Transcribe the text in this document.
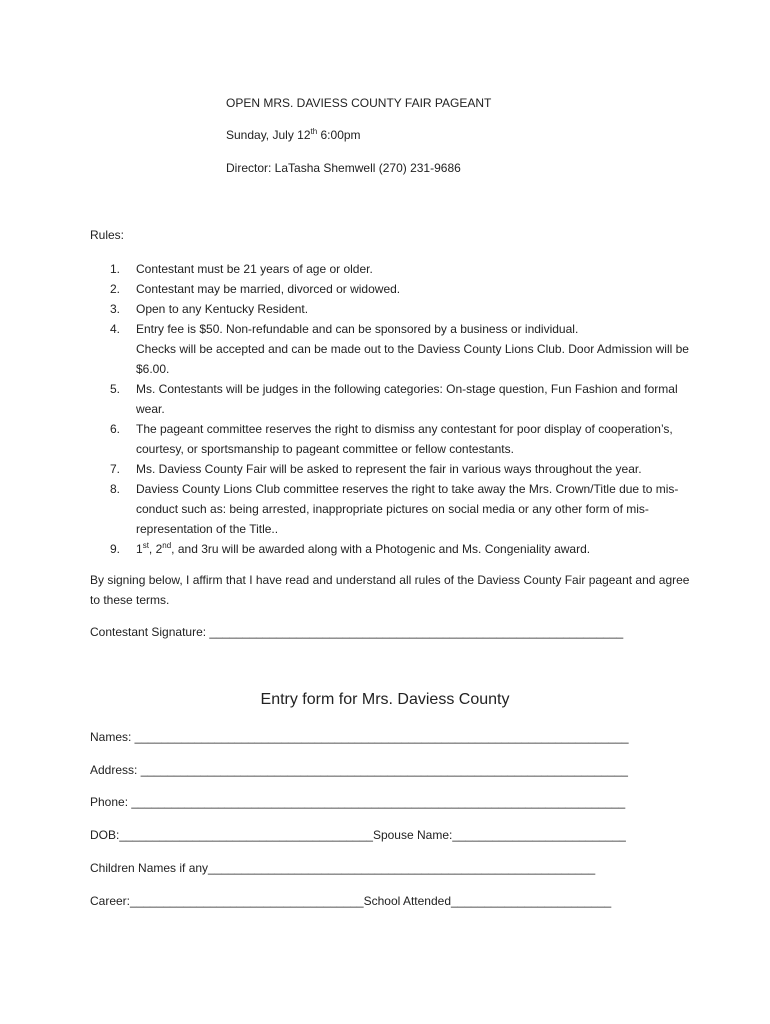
OPEN MRS. DAVIESS COUNTY FAIR PAGEANT
Sunday, July 12th 6:00pm
Director: LaTasha Shemwell (270) 231-9686
Rules:
1. Contestant must be 21 years of age or older.
2. Contestant may be married, divorced or widowed.
3. Open to any Kentucky Resident.
4. Entry fee is $50. Non-refundable and can be sponsored by a business or individual.
Checks will be accepted and can be made out to the Daviess County Lions Club. Door Admission will be $6.00.
5. Ms. Contestants will be judges in the following categories: On-stage question, Fun Fashion and formal wear.
6. The pageant committee reserves the right to dismiss any contestant for poor display of cooperation’s, courtesy, or sportsmanship to pageant committee or fellow contestants.
7. Ms. Daviess County Fair will be asked to represent the fair in various ways throughout the year.
8. Daviess County Lions Club committee reserves the right to take away the Mrs. Crown/Title due to mis-conduct such as: being arrested, inappropriate pictures on social media or any other form of mis-representation of the Title..
9. 1st, 2nd, and 3ru will be awarded along with a Photogenic and Ms. Congeniality award.
By signing below, I affirm that I have read and understand all rules of the Daviess County Fair pageant and agree to these terms.
Contestant Signature: ______________________________________________________________
Entry form for Mrs. Daviess County
Names: __________________________________________________________________________
Address: _________________________________________________________________________
Phone: __________________________________________________________________________
DOB:______________________________________Spouse Name:__________________________
Children Names if any__________________________________________________________
Career:___________________________________School Attended________________________
